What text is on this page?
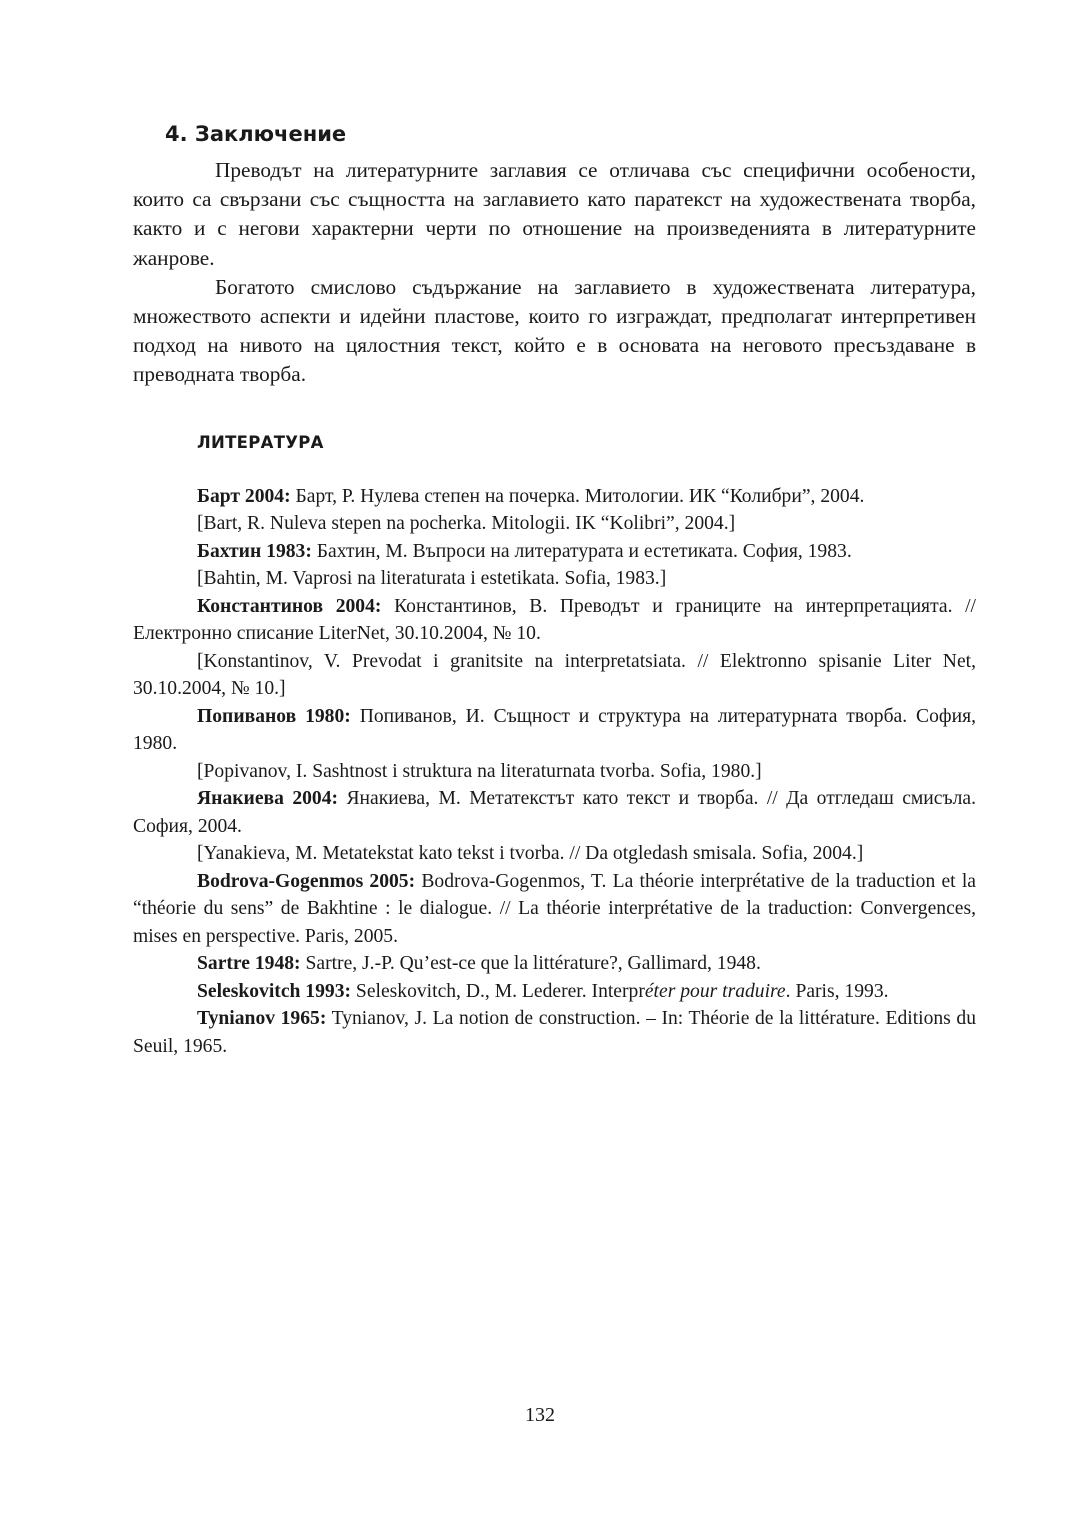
4. Заключение

Преводът на литературните заглавия се отличава със специфични особености, които са свързани със същността на заглавието като паратекст на художествената творба, както и с негови характерни черти по отношение на произведенията в литературните жанрове.

Богатото смислово съдържание на заглавието в художествената литература, множеството аспекти и идейни пластове, които го изграждат, предполагат интерпретивен подход на нивото на цялостния текст, който е в основата на неговото пресъздаване в преводната творба.

ЛИТЕРАТУРА

Барт 2004: Барт, Р. Нулева степен на почерка. Митологии. ИК “Колибри”, 2004.

[Bart, R. Nuleva stepen na pocherka. Mitologii. IK “Kolibri”, 2004.]

Бахтин 1983: Бахтин, М. Въпроси на литературата и естетиката. София, 1983.

[Bahtin, M. Vaprosi na literaturata i estetikata. Sofia, 1983.]

Константинов 2004: Константинов, В. Преводът и границите на интерпретацията. // Електронно списание LiterNet, 30.10.2004, № 10.

[Konstantinov, V. Prevodat i granitsite na interpretatsiata. // Elektronno spisanie Liter Net, 30.10.2004, № 10.]

Попиванов 1980: Попиванов, И. Същност и структура на литературната творба. София, 1980.

[Popivanov, I. Sashtnost i struktura na literaturnata tvorba. Sofia, 1980.]

Янакиева 2004: Янакиева, М. Метатекстът като текст и творба. // Да отгледаш смисъла. София, 2004.

[Yanakieva, M. Metatekstat kato tekst i tvorba. // Da otgledash smisala. Sofia, 2004.]

Bodrova-Gogenmos 2005: Bodrova-Gogenmos, T. La théorie interprétative de la traduction et la “théorie du sens” de Bakhtine : le dialogue. // La théorie interprétative de la traduction: Convergences, mises en perspective. Paris, 2005.

Sartre 1948: Sartre, J.-P. Qu’est-ce que la littérature?, Gallimard, 1948.

Seleskovitch 1993: Seleskovitch, D., M. Lederer. Interpréter pour traduire. Paris, 1993.

Tynianov 1965: Tynianov, J. La notion de construction. – In: Théorie de la littérature. Editions du Seuil, 1965.

132
